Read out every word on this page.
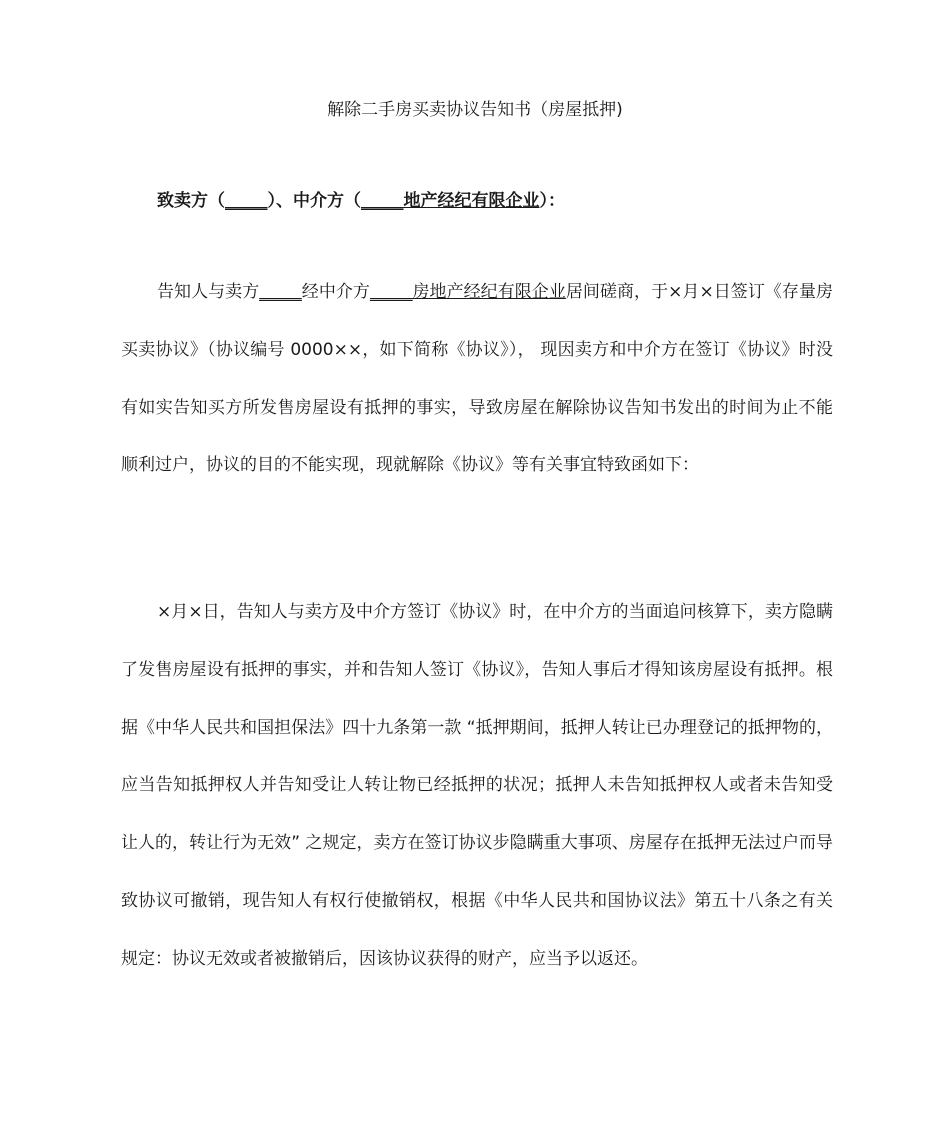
解除二手房买卖协议告知书（房屋抵押)
致卖方（_____）、中介方（_____地产经纪有限企业）：

告知人与卖方_____经中介方_____房地产经纪有限企业居间磋商，于×月×日签订《存量房买卖协议》（协议编号 0000××，如下简称《协议》）， 现因卖方和中介方在签订《协议》时没有如实告知买方所发售房屋设有抵押的事实，导致房屋在解除协议告知书发出的时间为止不能顺利过户，协议的目的不能实现，现就解除《协议》等有关事宜特致函如下：

×月×日，告知人与卖方及中介方签订《协议》时，在中介方的当面追问核算下，卖方隐瞒了发售房屋设有抵押的事实，并和告知人签订《协议》，告知人事后才得知该房屋设有抵押。根据《中华人民共和国担保法》四十九条第一款 “抵押期间，抵押人转让已办理登记的抵押物的，应当告知抵押权人并告知受让人转让物已经抵押的状况；抵押人未告知抵押权人或者未告知受让人的，转让行为无效” 之规定，卖方在签订协议步隐瞒重大事项、房屋存在抵押无法过户而导致协议可撤销，现告知人有权行使撤销权，根据《中华人民共和国协议法》第五十八条之有关规定：协议无效或者被撤销后，因该协议获得的财产，应当予以返还。
